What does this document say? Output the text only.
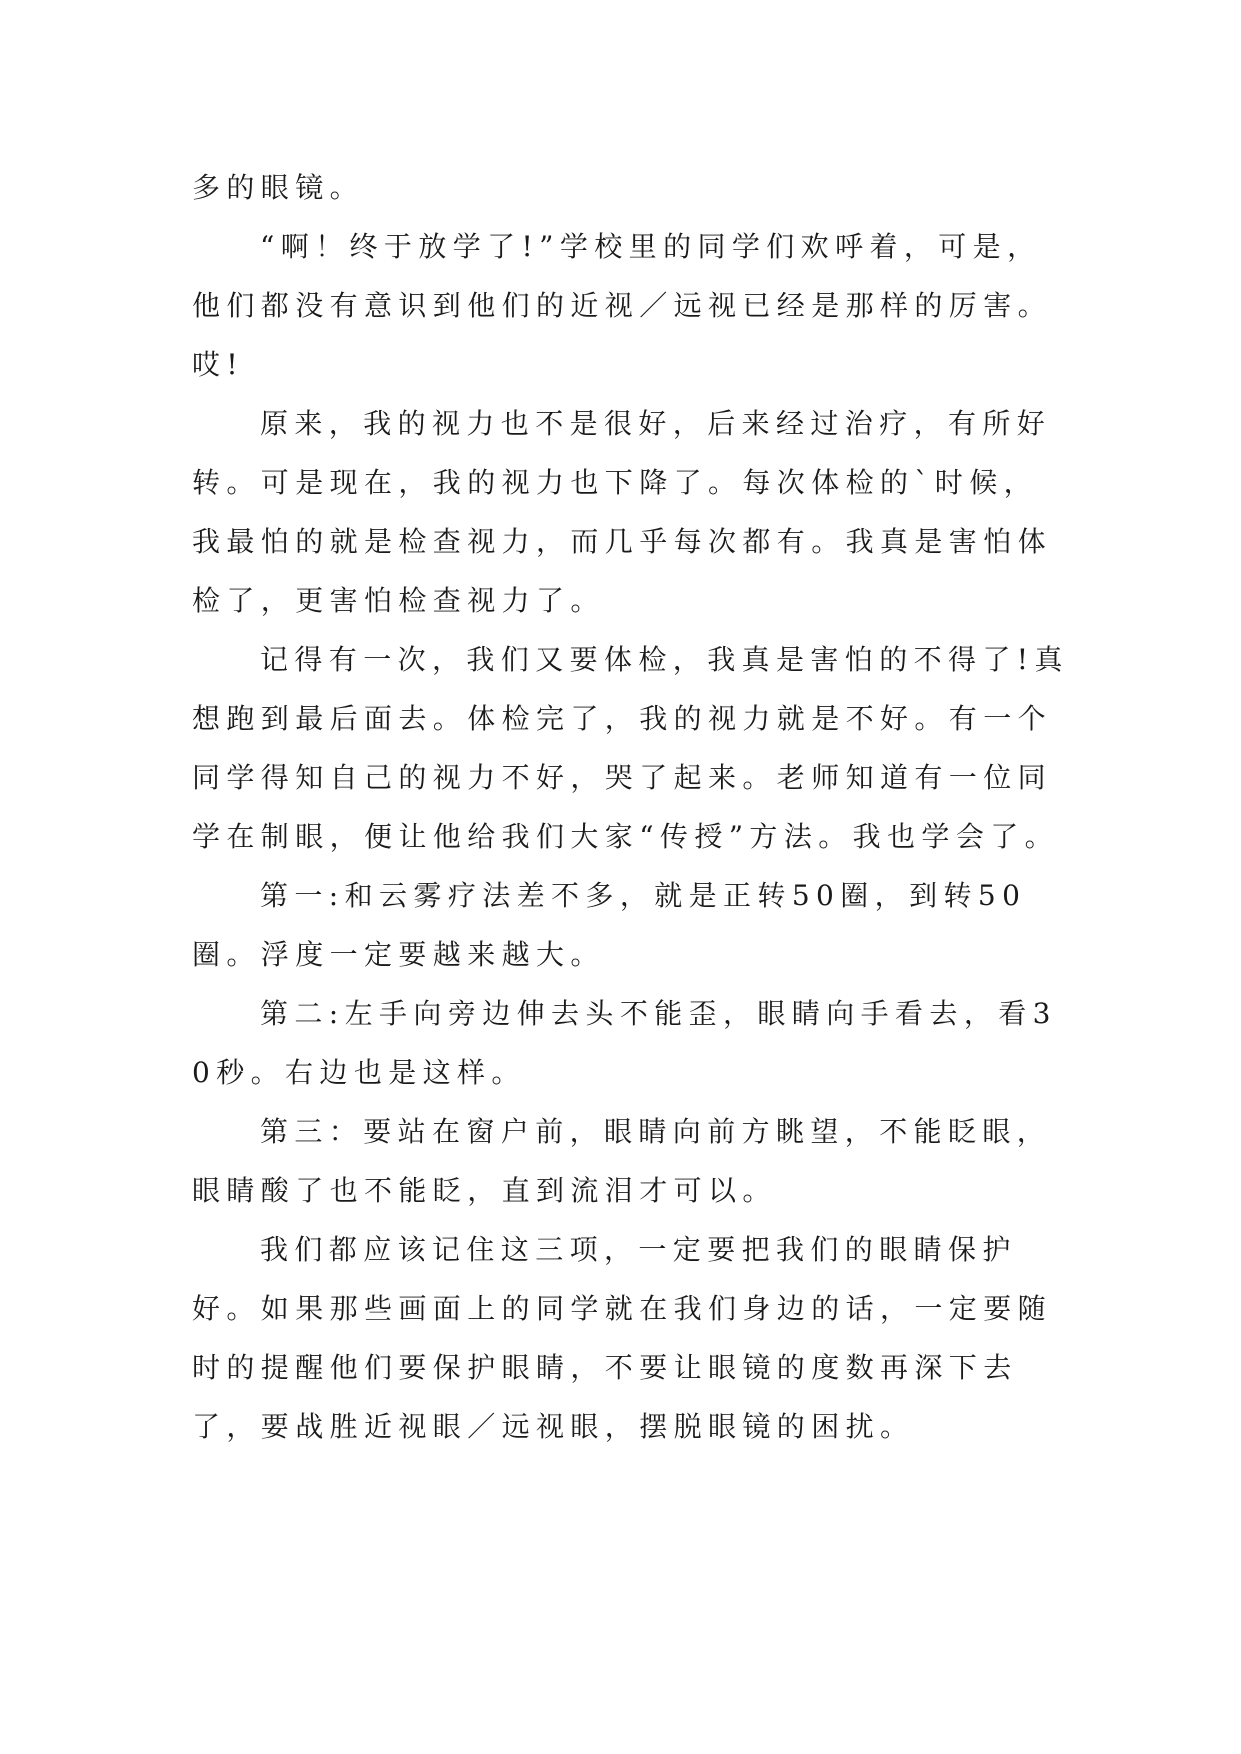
多的眼镜。

“啊！终于放学了!”学校里的同学们欢呼着，可是，他们都没有意识到他们的近视／远视已经是那样的厉害。哎!

原来，我的视力也不是很好，后来经过治疗，有所好转。可是现在，我的视力也下降了。每次体检的`时候，我最怕的就是检查视力，而几乎每次都有。我真是害怕体检了，更害怕检查视力了。

记得有一次，我们又要体检，我真是害怕的不得了!真想跑到最后面去。体检完了，我的视力就是不好。有一个同学得知自己的视力不好，哭了起来。老师知道有一位同学在制眼，便让他给我们大家“传授”方法。我也学会了。

第一:和云雾疗法差不多，就是正转50圈，到转50圈。浮度一定要越来越大。

第二:左手向旁边伸去头不能歪，眼睛向手看去，看30秒。右边也是这样。

第三：要站在窗户前，眼睛向前方眺望，不能眨眼，眼睛酸了也不能眨，直到流泪才可以。

我们都应该记住这三项，一定要把我们的眼睛保护好。如果那些画面上的同学就在我们身边的话，一定要随时的提醒他们要保护眼睛，不要让眼镜的度数再深下去了，要战胜近视眼／远视眼，摆脱眼镜的困扰。
